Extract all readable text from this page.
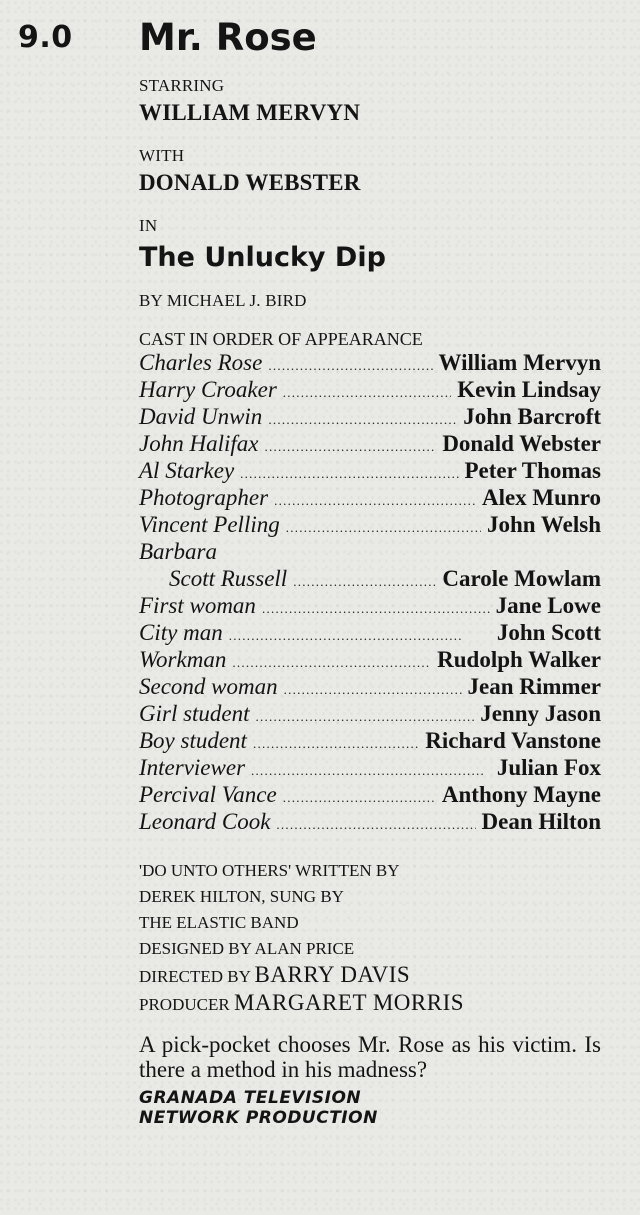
9.0 Mr. Rose

STARRING

WILLIAM MERVYN

WITH

DONALD WEBSTER

IN

The Unlucky Dip

BY MICHAEL J. BIRD

CAST IN ORDER OF APPEARANCE

Charles Rose . . .	William Mervyn
Harry Croaker . . .	Kevin Lindsay
David Unwin . . .	John Barcroft
John Halifax . . .	Donald Webster
Al Starkey . . .	Peter Thomas
Photographer . . .	Alex Munro
Vincent Pelling . . .	John Welsh
Barbara
Scott Russell . . .	Carole Mowlam
First woman . . .	Jane Lowe
City man . . .	John Scott
Workman . . .	Rudolph Walker
Second woman . . .	Jean Rimmer
Girl student . . .	Jenny Jason
Boy student . . .	Richard Vanstone
Interviewer . . .	Julian Fox
Percival Vance . . .	Anthony Mayne
Leonard Cook . . .	Dean Hilton
'DO UNTO OTHERS' WRITTEN BY
DEREK HILTON, SUNG BY
THE ELASTIC BAND
DESIGNED BY ALAN PRICE
DIRECTED BY BARRY DAVIS
PRODUCER MARGARET MORRIS

A pick-pocket chooses Mr. Rose as his victim. Is there a method in his madness?

GRANADA TELEVISION

NETWORK PRODUCTION
